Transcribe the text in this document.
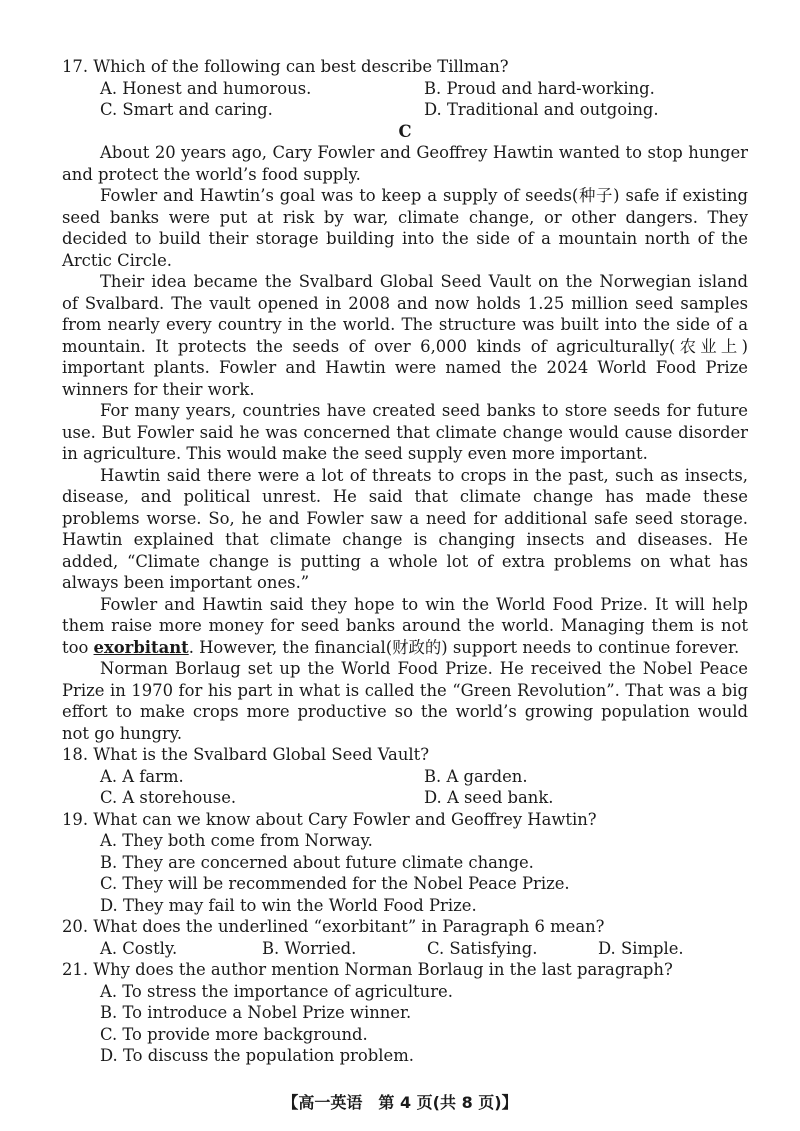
17. Which of the following can best describe Tillman?

A. Honest and humorous.	B. Proud and hard-working.
C. Smart and caring.	D. Traditional and outgoing.

C

About 20 years ago, Cary Fowler and Geoffrey Hawtin wanted to stop hunger and protect the world’s food supply.

Fowler and Hawtin’s goal was to keep a supply of seeds(种子) safe if existing seed banks were put at risk by war, climate change, or other dangers. They decided to build their storage building into the side of a mountain north of the Arctic Circle.

Their idea became the Svalbard Global Seed Vault on the Norwegian island of Svalbard. The vault opened in 2008 and now holds 1.25 million seed samples from nearly every country in the world. The structure was built into the side of a mountain. It protects the seeds of over 6,000 kinds of agriculturally(农业上) important plants. Fowler and Hawtin were named the 2024 World Food Prize winners for their work.

For many years, countries have created seed banks to store seeds for future use. But Fowler said he was concerned that climate change would cause disorder in agriculture. This would make the seed supply even more important.

Hawtin said there were a lot of threats to crops in the past, such as insects, disease, and political unrest. He said that climate change has made these problems worse. So, he and Fowler saw a need for additional safe seed storage. Hawtin explained that climate change is changing insects and diseases. He added, “Climate change is putting a whole lot of extra problems on what has always been important ones.”

Fowler and Hawtin said they hope to win the World Food Prize. It will help them raise more money for seed banks around the world. Managing them is not too exorbitant. However, the financial(财政的) support needs to continue forever.

Norman Borlaug set up the World Food Prize. He received the Nobel Peace Prize in 1970 for his part in what is called the “Green Revolution”. That was a big effort to make crops more productive so the world’s growing population would not go hungry.

18. What is the Svalbard Global Seed Vault?

A. A farm.	B. A garden.
C. A storehouse.	D. A seed bank.

19. What can we know about Cary Fowler and Geoffrey Hawtin?

A. They both come from Norway.
B. They are concerned about future climate change.
C. They will be recommended for the Nobel Peace Prize.
D. They may fail to win the World Food Prize.

20. What does the underlined “exorbitant” in Paragraph 6 mean?

A. Costly.	B. Worried.	C. Satisfying.	D. Simple.

21. Why does the author mention Norman Borlaug in the last paragraph?

A. To stress the importance of agriculture.
B. To introduce a Nobel Prize winner.
C. To provide more background.
D. To discuss the population problem.
【高一英语　第 4 页(共 8 页)】
